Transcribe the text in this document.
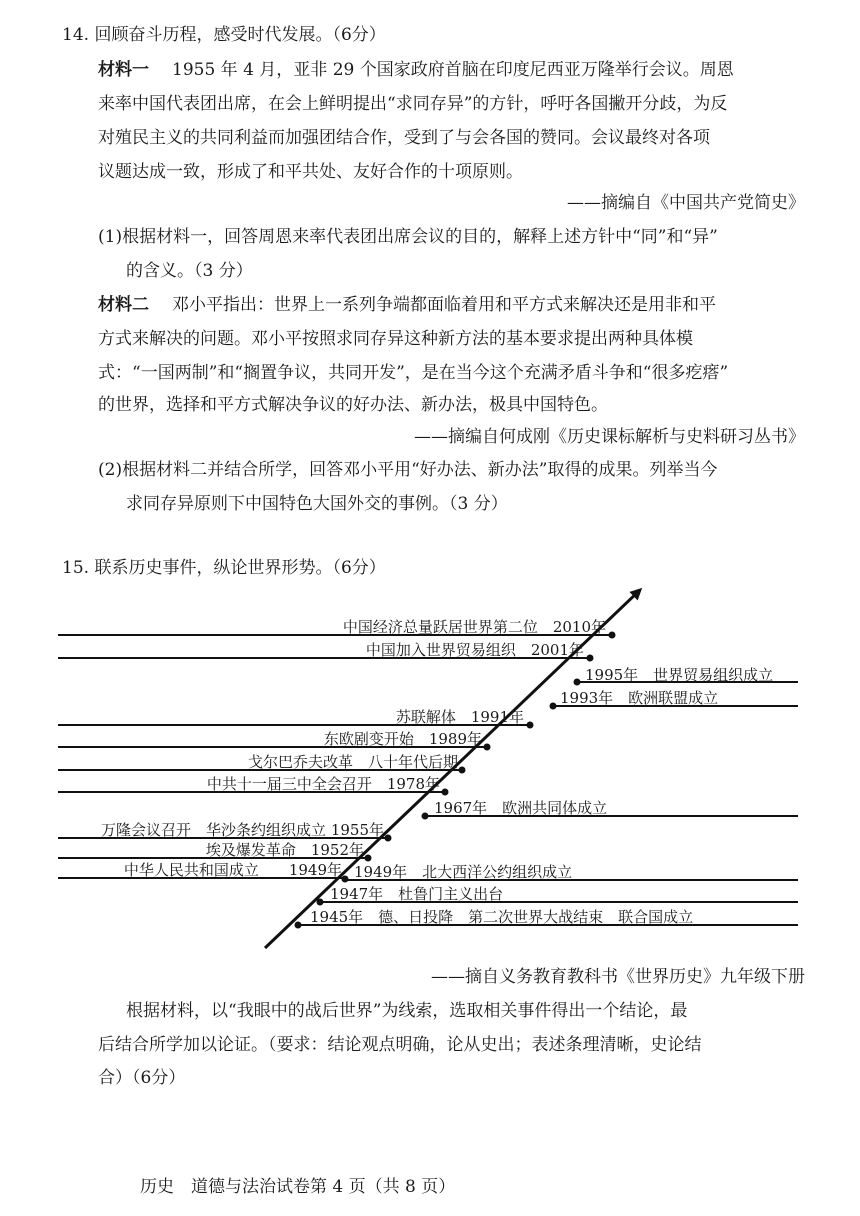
14. 回顾奋斗历程，感受时代发展。（6分）
材料一 1955 年 4 月，亚非 29 个国家政府首脑在印度尼西亚万隆举行会议。周恩
来率中国代表团出席，在会上鲜明提出“求同存异”的方针，呼吁各国撇开分歧，为反
对殖民主义的共同利益而加强团结合作，受到了与会各国的赞同。会议最终对各项
议题达成一致，形成了和平共处、友好合作的十项原则。
——摘编自《中国共产党简史》
(1)根据材料一，回答周恩来率代表团出席会议的目的，解释上述方针中“同”和“异”
的含义。（3 分）
材料二 邓小平指出：世界上一系列争端都面临着用和平方式来解决还是用非和平
方式来解决的问题。邓小平按照求同存异这种新方法的基本要求提出两种具体模
式：“一国两制”和“搁置争议，共同开发”，是在当今这个充满矛盾斗争和“很多疙瘩”
的世界，选择和平方式解决争议的好办法、新办法，极具中国特色。
——摘编自何成刚《历史课标解析与史料研习丛书》
(2)根据材料二并结合所学，回答邓小平用“好办法、新办法”取得的成果。列举当今
求同存异原则下中国特色大国外交的事例。（3 分）
15. 联系历史事件，纵论世界形势。（6分）
中国经济总量跃居世界第二位　2010年
中国加入世界贸易组织　2001年
苏联解体　1991年
东欧剧变开始　1989年
戈尔巴乔夫改革　八十年代后期
中共十一届三中全会召开　1978年
万隆会议召开　华沙条约组织成立 1955年
埃及爆发革命　1952年
中华人民共和国成立　　1949年
1995年　世界贸易组织成立
1993年　欧洲联盟成立
1967年　欧洲共同体成立
1949年　北大西洋公约组织成立
1947年　杜鲁门主义出台
1945年　德、日投降　第二次世界大战结束　联合国成立
——摘自义务教育教科书《世界历史》九年级下册
根据材料，以“我眼中的战后世界”为线索，选取相关事件得出一个结论，最
后结合所学加以论证。（要求：结论观点明确，论从史出；表述条理清晰，史论结
合）（6分）
历史　道德与法治试卷第 4 页（共 8 页）
